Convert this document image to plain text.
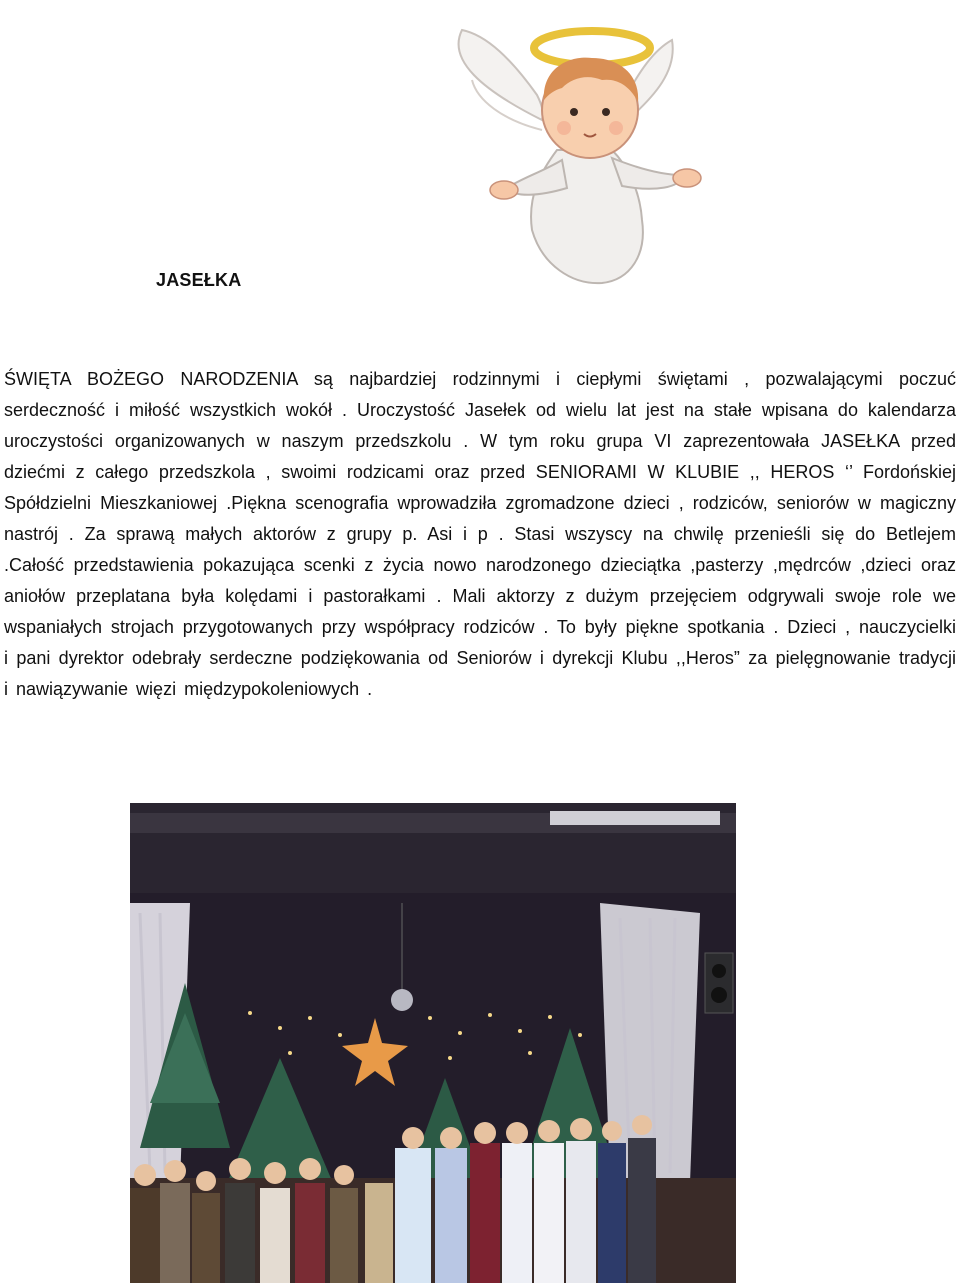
JASEŁKA
ŚWIĘTA BOŻEGO NARODZENIA są najbardziej rodzinnymi i ciepłymi świętami , pozwalającymi poczuć serdeczność i miłość wszystkich wokół . Uroczystość Jasełek od wielu lat jest na stałe wpisana do kalendarza uroczystości organizowanych w naszym przedszkolu . W tym roku grupa VI zaprezentowała JASEŁKA przed dziećmi z całego przedszkola , swoimi rodzicami oraz przed SENIORAMI W KLUBIE ,, HEROS ‘’ Fordońskiej Spółdzielni Mieszkaniowej .Piękna scenografia wprowadziła zgromadzone dzieci , rodziców, seniorów w magiczny nastrój . Za sprawą małych aktorów z grupy p. Asi i p . Stasi wszyscy na chwilę przenieśli się do Betlejem .Całość przedstawienia pokazująca scenki z życia nowo narodzonego dzieciątka ,pasterzy ,mędrców ,dzieci oraz aniołów przeplatana była kolędami i pastorałkami . Mali aktorzy z dużym przejęciem odgrywali swoje role we wspaniałych strojach przygotowanych przy współpracy rodziców . To były piękne spotkania . Dzieci , nauczycielki i pani dyrektor odebrały serdeczne podziękowania od Seniorów i dyrekcji Klubu ,,Heros” za pielęgnowanie tradycji i nawiązywanie więzi międzypokoleniowych .
